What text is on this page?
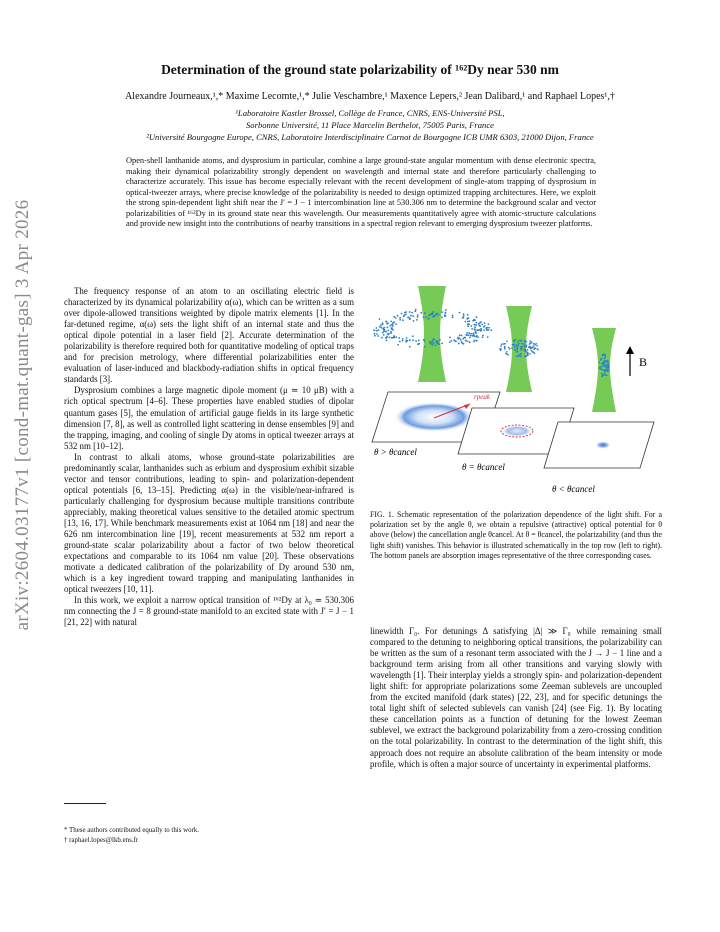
arXiv:2604.03177v1 [cond-mat.quant-gas] 3 Apr 2026
Determination of the ground state polarizability of ¹⁶²Dy near 530 nm
Alexandre Journeaux,¹,* Maxime Lecomte,¹,* Julie Veschambre,¹ Maxence Lepers,² Jean Dalibard,¹ and Raphael Lopes¹,†
¹Laboratoire Kastler Brossel, Collège de France, CNRS, ENS-Université PSL,
Sorbonne Université, 11 Place Marcelin Berthelot, 75005 Paris, France
²Université Bourgogne Europe, CNRS, Laboratoire Interdisciplinaire Carnot de Bourgogne ICB UMR 6303, 21000 Dijon, France
Open-shell lanthanide atoms, and dysprosium in particular, combine a large ground-state angular momentum with dense electronic spectra, making their dynamical polarizability strongly dependent on wavelength and internal state and therefore particularly challenging to characterize accurately. This issue has become especially relevant with the recent development of single-atom trapping of dysprosium in optical-tweezer arrays, where precise knowledge of the polarizability is needed to design optimized trapping architectures. Here, we exploit the strong spin-dependent light shift near the J′ = J − 1 intercombination line at 530.306 nm to determine the background scalar and vector polarizabilities of ¹⁶²Dy in its ground state near this wavelength. Our measurements quantitatively agree with atomic-structure calculations and provide new insight into the contributions of nearby transitions in a spectral region relevant to emerging dysprosium tweezer platforms.

The frequency response of an atom to an oscillating electric field is characterized by its dynamical polarizability α(ω), which can be written as a sum over dipole-allowed transitions weighted by dipole matrix elements [1]. In the far-detuned regime, α(ω) sets the light shift of an internal state and thus the optical dipole potential in a laser field [2]. Accurate determination of the polarizability is therefore required both for quantitative modeling of optical traps and for precision metrology, where differential polarizabilities enter the evaluation of laser-induced and blackbody-radiation shifts in optical frequency standards [3].

Dysprosium combines a large magnetic dipole moment (μ ≃ 10 μB) with a rich optical spectrum [4–6]. These properties have enabled studies of dipolar quantum gases [5], the emulation of artificial gauge fields in its large synthetic dimension [7, 8], as well as controlled light scattering in dense ensembles [9] and the trapping, imaging, and cooling of single Dy atoms in optical tweezer arrays at 532 nm [10–12].

In contrast to alkali atoms, whose ground-state polarizabilities are predominantly scalar, lanthanides such as erbium and dysprosium exhibit sizable vector and tensor contributions, leading to spin- and polarization-dependent optical potentials [6, 13–15]. Predicting α(ω) in the visible/near-infrared is particularly challenging for dysprosium because multiple transitions contribute appreciably, making theoretical values sensitive to the detailed atomic spectrum [13, 16, 17]. While benchmark measurements exist at 1064 nm [18] and near the 626 nm intercombination line [19], recent measurements at 532 nm report a ground-state scalar polarizability about a factor of two below theoretical expectations and comparable to its 1064 nm value [20]. These observations motivate a dedicated calibration of the polarizability of Dy around 530 nm, which is a key ingredient toward trapping and manipulating lanthanides in optical tweezers [10, 11].

In this work, we exploit a narrow optical transition of ¹⁶²Dy at λ₀ ≃ 530.306 nm connecting the J = 8 ground-state manifold to an excited state with J′ = J − 1 [21, 22] with natural

* These authors contributed equally to this work.
† raphael.lopes@lkb.ens.fr
rpeak
B
θ > θcancel
θ = θcancel
θ < θcancel
FIG. 1. Schematic representation of the polarization dependence of the light shift. For a polarization set by the angle θ, we obtain a repulsive (attractive) optical potential for θ above (below) the cancellation angle θcancel. At θ = θcancel, the polarizability (and thus the light shift) vanishes. This behavior is illustrated schematically in the top row (left to right). The bottom panels are absorption images representative of the three corresponding cases.

linewidth Γ₀. For detunings Δ satisfying |Δ| ≫ Γ₀ while remaining small compared to the detuning to neighboring optical transitions, the polarizability can be written as the sum of a resonant term associated with the J → J − 1 line and a background term arising from all other transitions and varying slowly with wavelength [1]. Their interplay yields a strongly spin- and polarization-dependent light shift: for appropriate polarizations some Zeeman sublevels are uncoupled from the excited manifold (dark states) [22, 23], and for specific detunings the total light shift of selected sublevels can vanish [24] (see Fig. 1). By locating these cancellation points as a function of detuning for the lowest Zeeman sublevel, we extract the background polarizability from a zero-crossing condition on the total polarizability. In contrast to the determination of the light shift, this approach does not require an absolute calibration of the beam intensity or mode profile, which is often a major source of uncertainty in experimental platforms.
